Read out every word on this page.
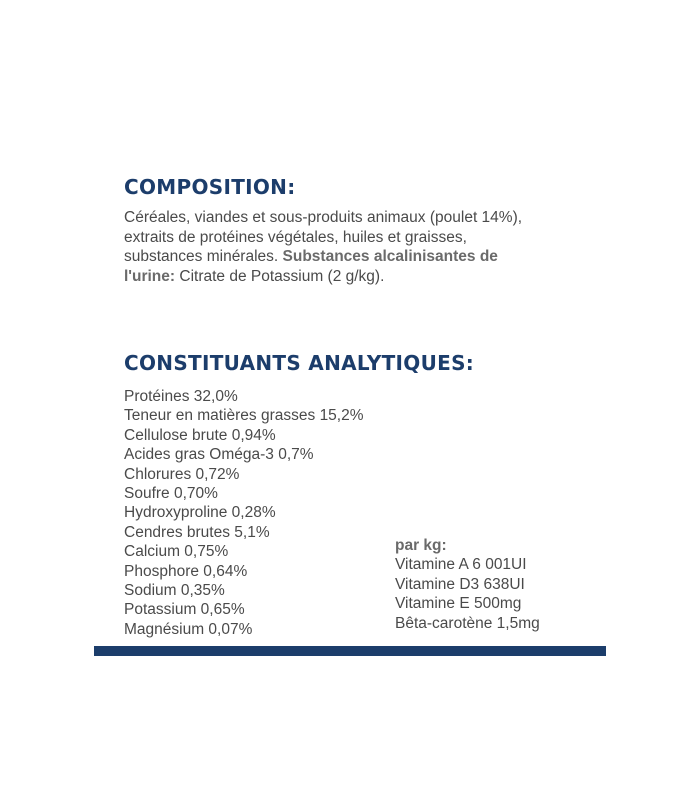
COMPOSITION:

Céréales, viandes et sous-produits animaux (poulet 14%), extraits de protéines végétales, huiles et graisses, substances minérales. Substances alcalinisantes de l'urine: Citrate de Potassium (2 g/kg).

CONSTITUANTS ANALYTIQUES:
Protéines 32,0%
Teneur en matières grasses 15,2%
Cellulose brute 0,94%
Acides gras Oméga-3 0,7%
Chlorures 0,72%
Soufre 0,70%
Hydroxyproline 0,28%
Cendres brutes 5,1%
Calcium 0,75%
Phosphore 0,64%
Sodium 0,35%
Potassium 0,65%
Magnésium 0,07%
par kg:
Vitamine A 6 001UI
Vitamine D3 638UI
Vitamine E 500mg
Bêta-carotène 1,5mg
